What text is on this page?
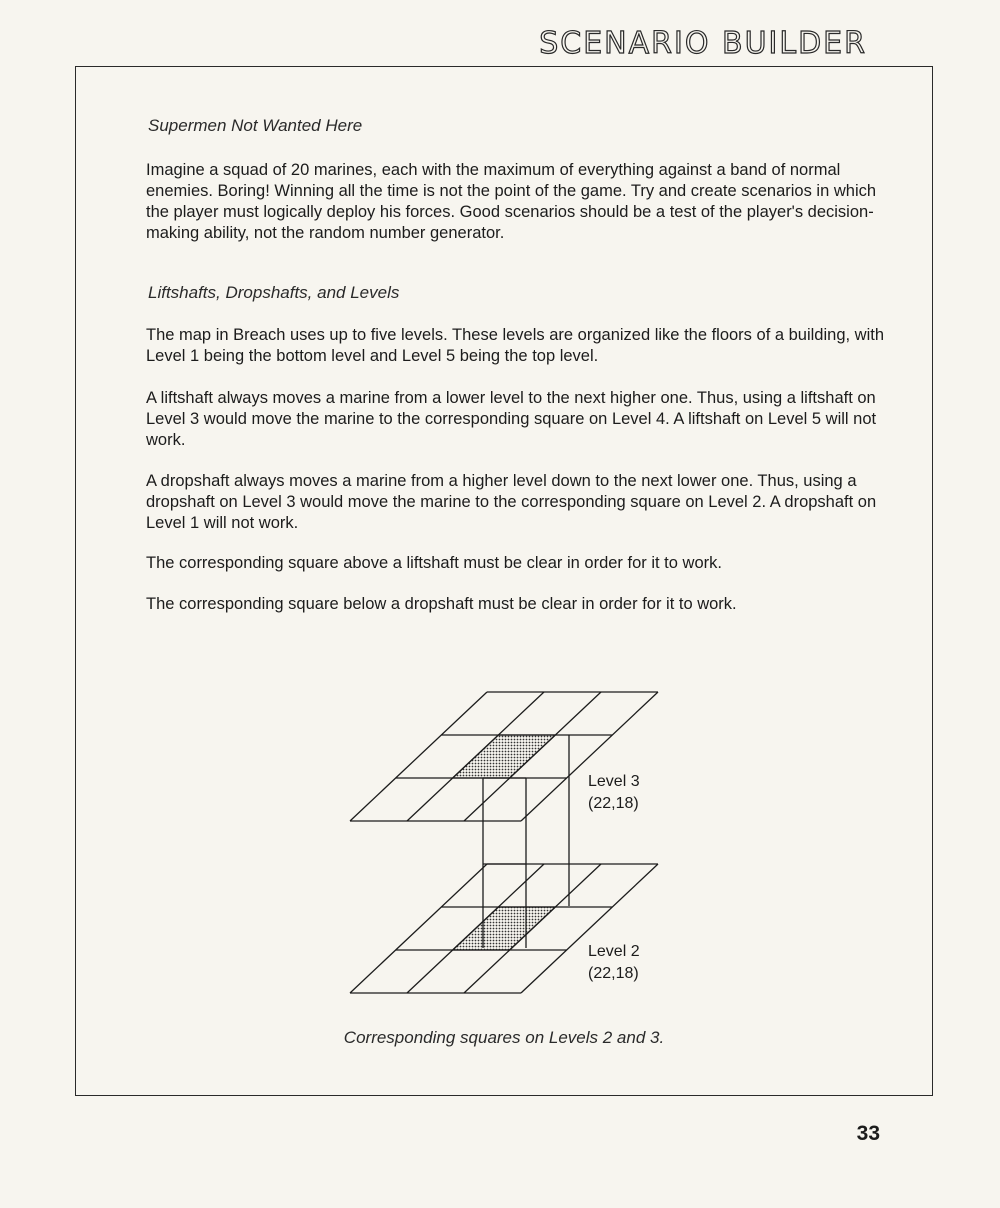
SCENARIO BUILDER
Supermen Not Wanted Here

Imagine a squad of 20 marines, each with the maximum of everything against a band of normal enemies. Boring! Winning all the time is not the point of the game. Try and create scenarios in which the player must logically deploy his forces. Good scenarios should be a test of the player's decision-making ability, not the random number generator.

Liftshafts, Dropshafts, and Levels

The map in Breach uses up to five levels. These levels are organized like the floors of a building, with Level 1 being the bottom level and Level 5 being the top level.

A liftshaft always moves a marine from a lower level to the next higher one. Thus, using a liftshaft on Level 3 would move the marine to the corresponding square on Level 4. A liftshaft on Level 5 will not work.

A dropshaft always moves a marine from a higher level down to the next lower one. Thus, using a dropshaft on Level 3 would move the marine to the corresponding square on Level 2. A dropshaft on Level 1 will not work.

The corresponding square above a liftshaft must be clear in order for it to work.

The corresponding square below a dropshaft must be clear in order for it to work.

Level 3
(22,18)
Level 2
(22,18)
Corresponding squares on Levels 2 and 3.
33
